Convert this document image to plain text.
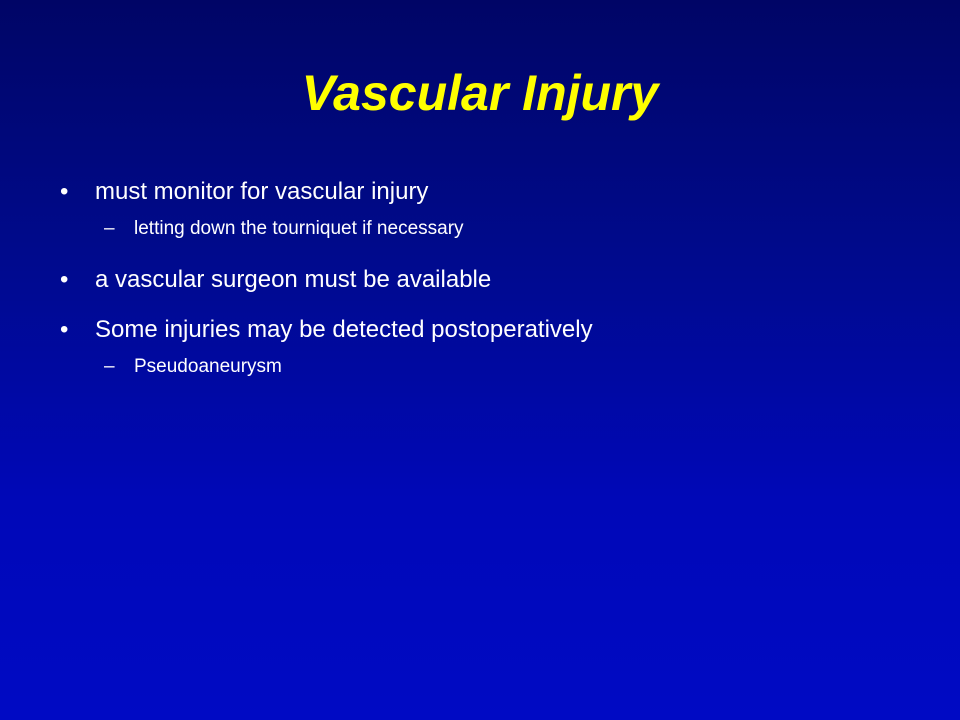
Vascular Injury
• must monitor for vascular injury
– letting down the tourniquet if necessary
• a vascular surgeon must be available
• Some injuries may be detected postoperatively
– Pseudoaneurysm
